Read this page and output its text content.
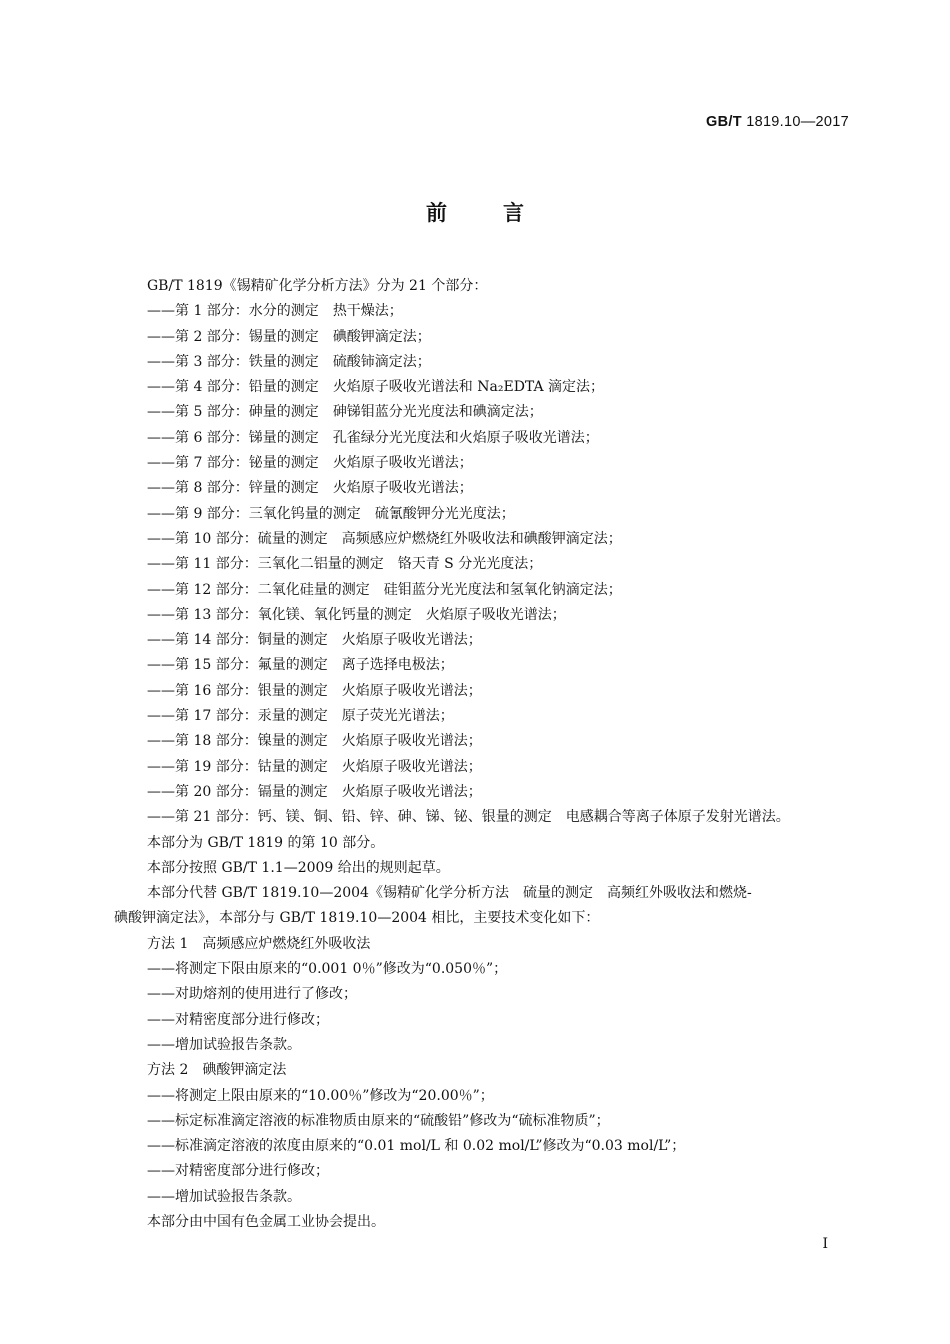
GB/T 1819.10—2017
前	言
GB/T 1819《锡精矿化学分析方法》分为 21 个部分：
——第 1 部分：水分的测定 热干燥法；
——第 2 部分：锡量的测定 碘酸钾滴定法；
——第 3 部分：铁量的测定 硫酸铈滴定法；
——第 4 部分：铅量的测定 火焰原子吸收光谱法和 Na₂EDTA 滴定法；
——第 5 部分：砷量的测定 砷锑钼蓝分光光度法和碘滴定法；
——第 6 部分：锑量的测定 孔雀绿分光光度法和火焰原子吸收光谱法；
——第 7 部分：铋量的测定 火焰原子吸收光谱法；
——第 8 部分：锌量的测定 火焰原子吸收光谱法；
——第 9 部分：三氧化钨量的测定 硫氰酸钾分光光度法；
——第 10 部分：硫量的测定 高频感应炉燃烧红外吸收法和碘酸钾滴定法；
——第 11 部分：三氧化二铝量的测定 铬天青 S 分光光度法；
——第 12 部分：二氧化硅量的测定 硅钼蓝分光光度法和氢氧化钠滴定法；
——第 13 部分：氧化镁、氧化钙量的测定 火焰原子吸收光谱法；
——第 14 部分：铜量的测定 火焰原子吸收光谱法；
——第 15 部分：氟量的测定 离子选择电极法；
——第 16 部分：银量的测定 火焰原子吸收光谱法；
——第 17 部分：汞量的测定 原子荧光光谱法；
——第 18 部分：镍量的测定 火焰原子吸收光谱法；
——第 19 部分：钴量的测定 火焰原子吸收光谱法；
——第 20 部分：镉量的测定 火焰原子吸收光谱法；
——第 21 部分：钙、镁、铜、铅、锌、砷、锑、铋、银量的测定 电感耦合等离子体原子发射光谱法。
本部分为 GB/T 1819 的第 10 部分。
本部分按照 GB/T 1.1—2009 给出的规则起草。
本部分代替 GB/T 1819.10—2004《锡精矿化学分析方法　硫量的测定　高频红外吸收法和燃烧-
碘酸钾滴定法》，本部分与 GB/T 1819.10—2004 相比，主要技术变化如下：
方法 1 高频感应炉燃烧红外吸收法
——将测定下限由原来的“0.001 0％”修改为“0.050％”；
——对助熔剂的使用进行了修改；
——对精密度部分进行修改；
——增加试验报告条款。
方法 2 碘酸钾滴定法
——将测定上限由原来的“10.00％”修改为“20.00％”；
——标定标准滴定溶液的标准物质由原来的“硫酸铅”修改为“硫标准物质”；
——标准滴定溶液的浓度由原来的“0.01 mol/L 和 0.02 mol/L”修改为“0.03 mol/L”；
——对精密度部分进行修改；
——增加试验报告条款。
本部分由中国有色金属工业协会提出。
I
